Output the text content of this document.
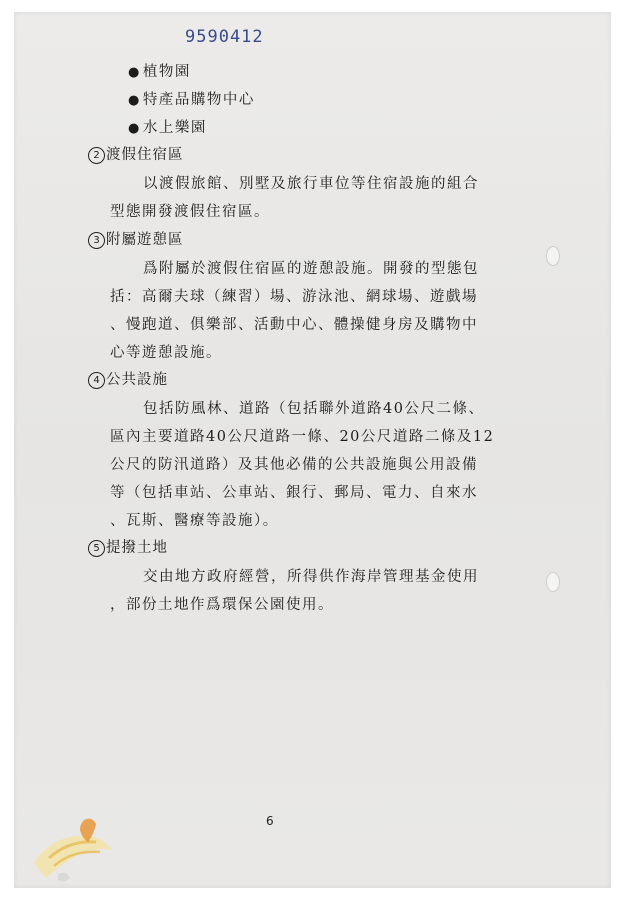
9590412
● 植物園
● 特產品購物中心
● 水上樂園
2 渡假住宿區
以渡假旅館、別墅及旅行車位等住宿設施的組合
型態開發渡假住宿區。
3 附屬遊憩區
爲附屬於渡假住宿區的遊憩設施。開發的型態包
括：高爾夫球（練習）場、游泳池、網球場、遊戲場
、慢跑道、俱樂部、活動中心、體操健身房及購物中
心等遊憩設施。
4 公共設施
包括防風林、道路（包括聯外道路40公尺二條、
區內主要道路40公尺道路一條、20公尺道路二條及12
公尺的防汛道路）及其他必備的公共設施與公用設備
等（包括車站、公車站、銀行、郵局、電力、自來水
、瓦斯、醫療等設施）。
5 提撥土地
交由地方政府經營，所得供作海岸管理基金使用
，部份土地作爲環保公園使用。
6
